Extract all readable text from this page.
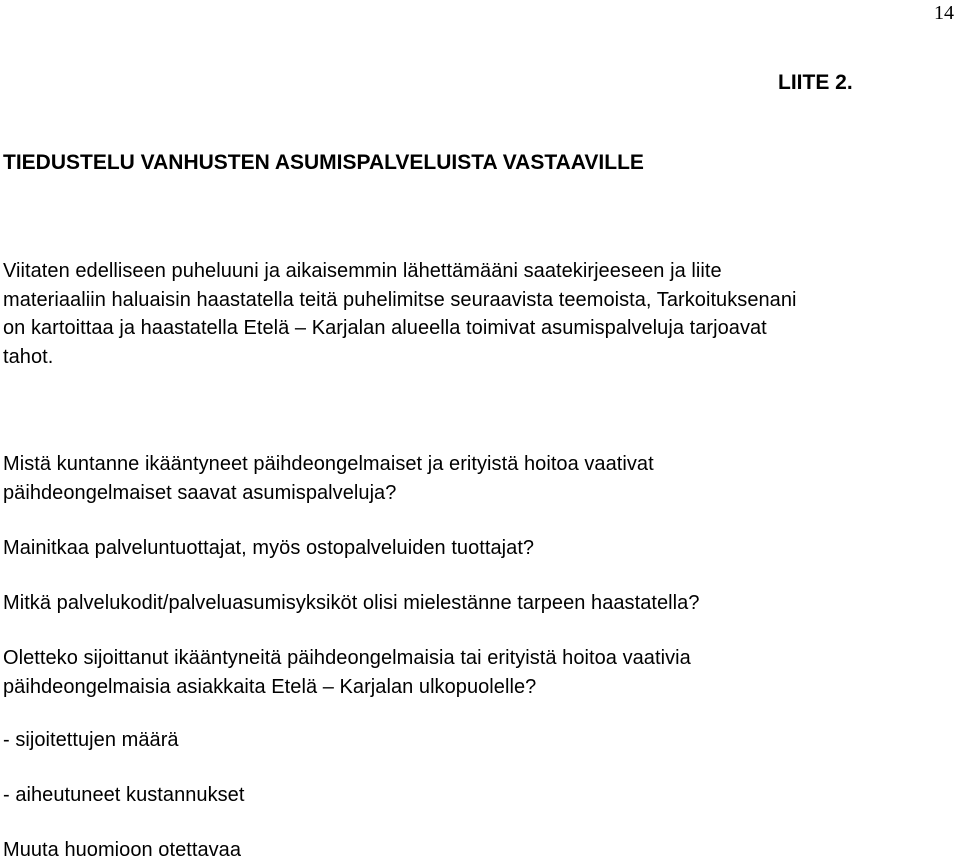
14
LIITE 2.
TIEDUSTELU VANHUSTEN ASUMISPALVELUISTA VASTAAVILLE
Viitaten edelliseen puheluuni ja aikaisemmin lähettämääni saatekirjeeseen ja liite
materiaaliin haluaisin haastatella teitä puhelimitse seuraavista teemoista, Tarkoituksenani
on kartoittaa ja haastatella Etelä – Karjalan alueella toimivat asumispalveluja tarjoavat
tahot.
Mistä kuntanne ikääntyneet päihdeongelmaiset ja erityistä hoitoa vaativat
päihdeongelmaiset saavat asumispalveluja?
Mainitkaa palveluntuottajat, myös ostopalveluiden tuottajat?
Mitkä palvelukodit/palveluasumisyksiköt olisi mielestänne tarpeen haastatella?
Oletteko sijoittanut ikääntyneitä päihdeongelmaisia tai erityistä hoitoa vaativia
päihdeongelmaisia asiakkaita Etelä – Karjalan ulkopuolelle?
- sijoitettujen määrä
- aiheutuneet kustannukset
Muuta huomioon otettavaa
